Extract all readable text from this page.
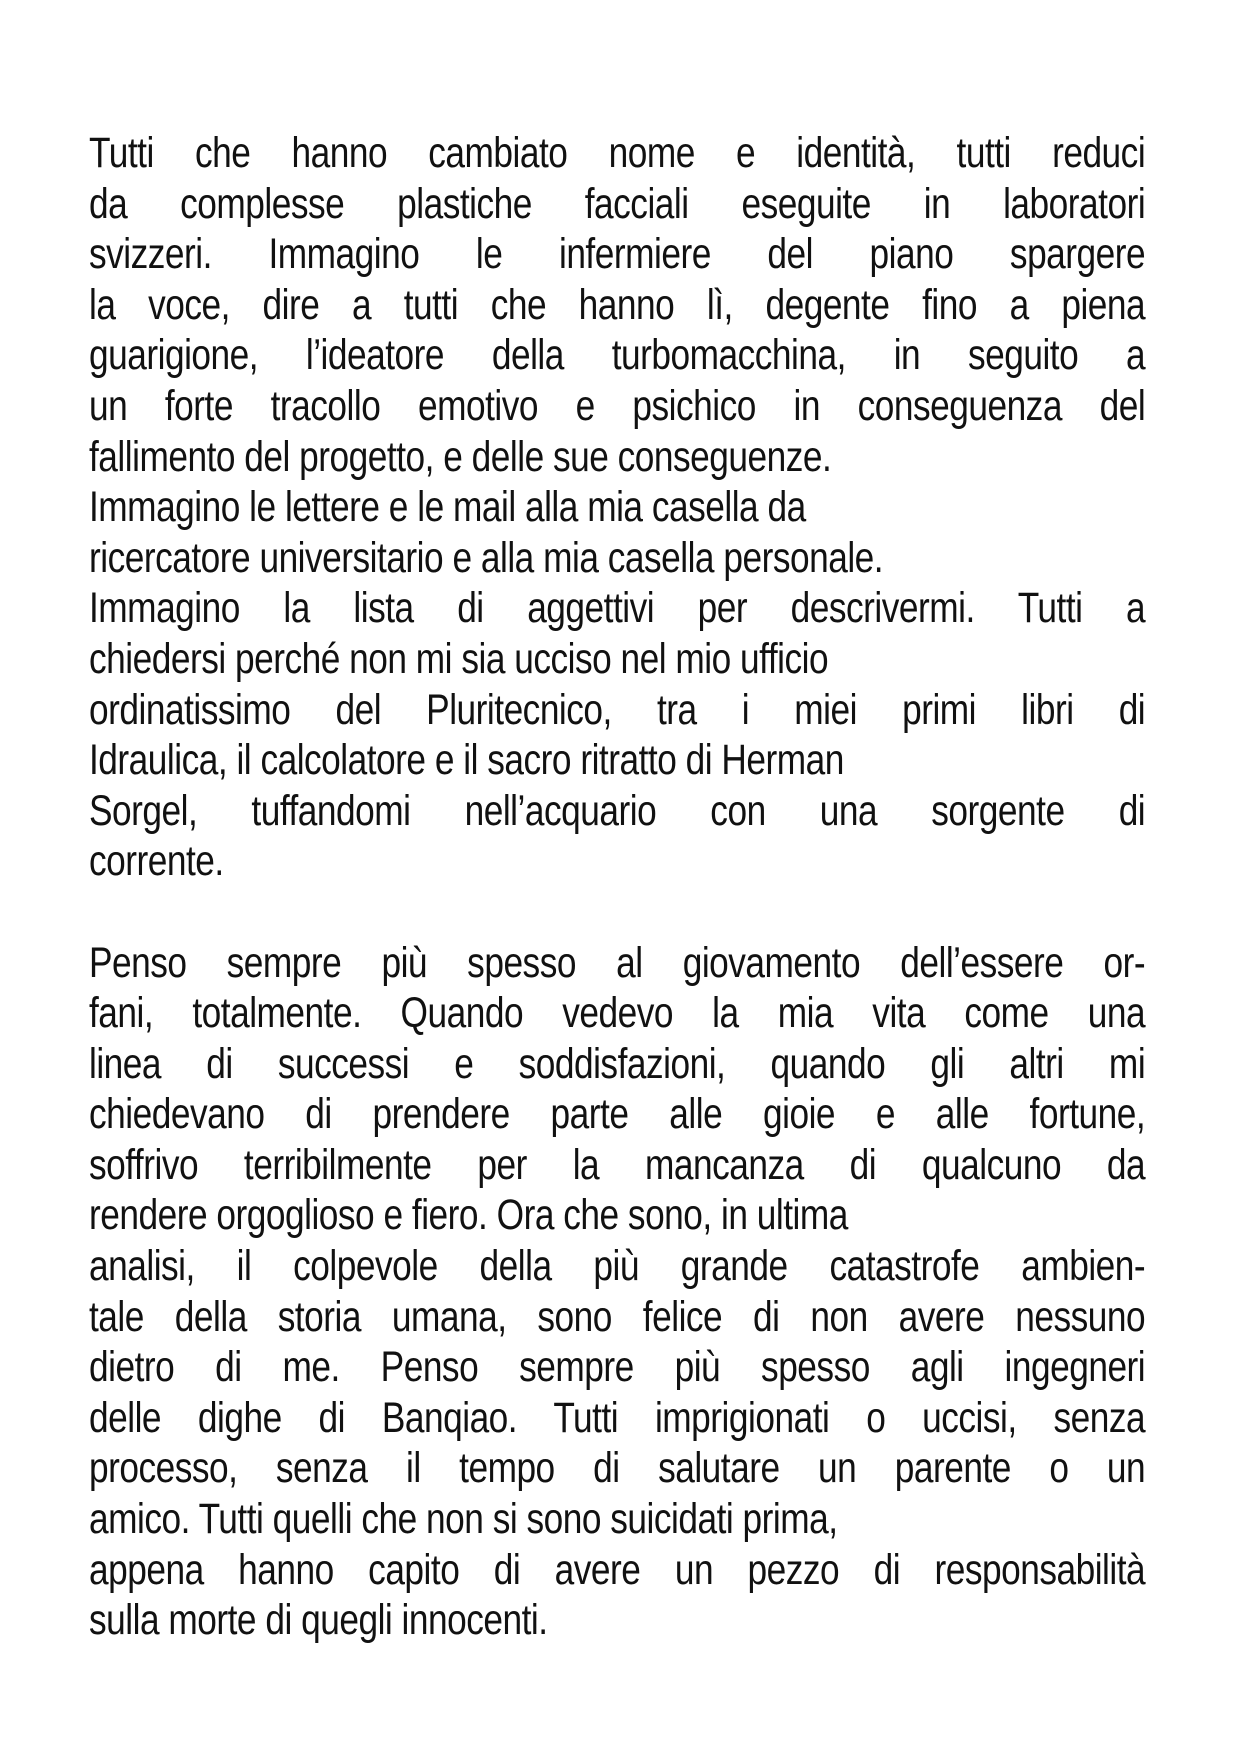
Tutti che hanno cambiato nome e identità, tutti reduci
da complesse plastiche facciali eseguite in laboratori
svizzeri. Immagino le infermiere del piano spargere
la voce, dire a tutti che hanno lì, degente fino a piena
guarigione, l’ideatore della turbomacchina, in seguito a
un forte tracollo emotivo e psichico in conseguenza del
fallimento del progetto, e delle sue conseguenze.
Immagino le lettere e le mail alla mia casella da
ricercatore universitario e alla mia casella personale.
Immagino la lista di aggettivi per descrivermi. Tutti a
chiedersi perché non mi sia ucciso nel mio ufficio
ordinatissimo del Pluritecnico, tra i miei primi libri di
Idraulica, il calcolatore e il sacro ritratto di Herman
Sorgel, tuffandomi nell’acquario con una sorgente di
corrente.
Penso sempre più spesso al giovamento dell’essere or-
fani, totalmente. Quando vedevo la mia vita come una
linea di successi e soddisfazioni, quando gli altri mi
chiedevano di prendere parte alle gioie e alle fortune,
soffrivo terribilmente per la mancanza di qualcuno da
rendere orgoglioso e fiero. Ora che sono, in ultima
analisi, il colpevole della più grande catastrofe ambien-
tale della storia umana, sono felice di non avere nessuno
dietro di me. Penso sempre più spesso agli ingegneri
delle dighe di Banqiao. Tutti imprigionati o uccisi, senza
processo, senza il tempo di salutare un parente o un
amico. Tutti quelli che non si sono suicidati prima,
appena hanno capito di avere un pezzo di responsabilità
sulla morte di quegli innocenti.
